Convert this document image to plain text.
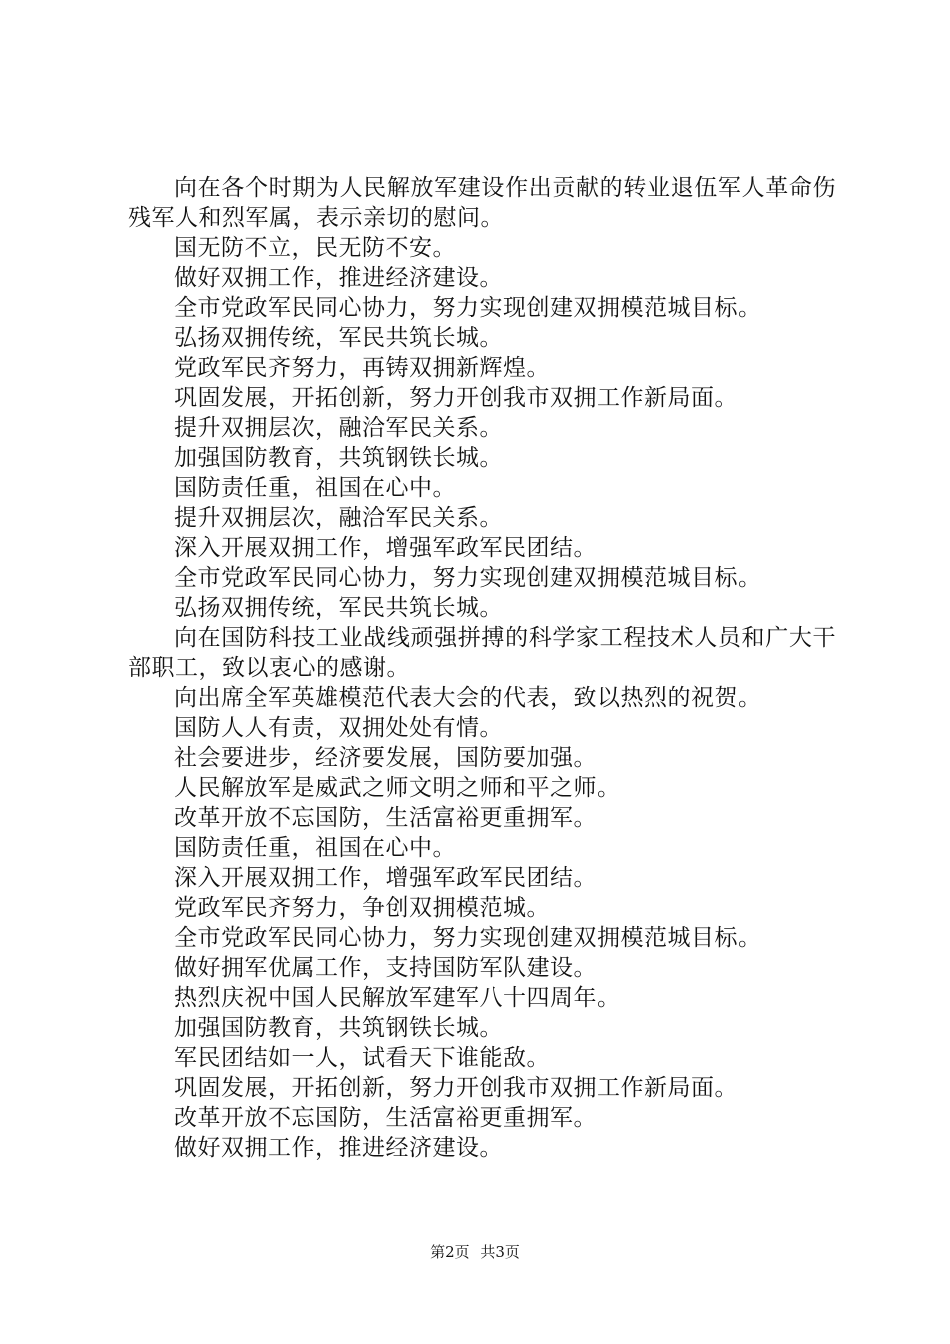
向在各个时期为人民解放军建设作出贡献的转业退伍军人革命伤残军人和烈军属，表示亲切的慰问。

国无防不立，民无防不安。

做好双拥工作，推进经济建设。

全市党政军民同心协力，努力实现创建双拥模范城目标。

弘扬双拥传统，军民共筑长城。

党政军民齐努力，再铸双拥新辉煌。

巩固发展，开拓创新，努力开创我市双拥工作新局面。

提升双拥层次，融洽军民关系。

加强国防教育，共筑钢铁长城。

国防责任重，祖国在心中。

提升双拥层次，融洽军民关系。

深入开展双拥工作，增强军政军民团结。

全市党政军民同心协力，努力实现创建双拥模范城目标。

弘扬双拥传统，军民共筑长城。

向在国防科技工业战线顽强拼搏的科学家工程技术人员和广大干部职工，致以衷心的感谢。

向出席全军英雄模范代表大会的代表，致以热烈的祝贺。

国防人人有责，双拥处处有情。

社会要进步，经济要发展，国防要加强。

人民解放军是威武之师文明之师和平之师。

改革开放不忘国防，生活富裕更重拥军。

国防责任重，祖国在心中。

深入开展双拥工作，增强军政军民团结。

党政军民齐努力，争创双拥模范城。

全市党政军民同心协力，努力实现创建双拥模范城目标。

做好拥军优属工作，支持国防军队建设。

热烈庆祝中国人民解放军建军八十四周年。

加强国防教育，共筑钢铁长城。

军民团结如一人，试看天下谁能敌。

巩固发展，开拓创新，努力开创我市双拥工作新局面。

改革开放不忘国防，生活富裕更重拥军。

做好双拥工作，推进经济建设。

第2页 共3页
